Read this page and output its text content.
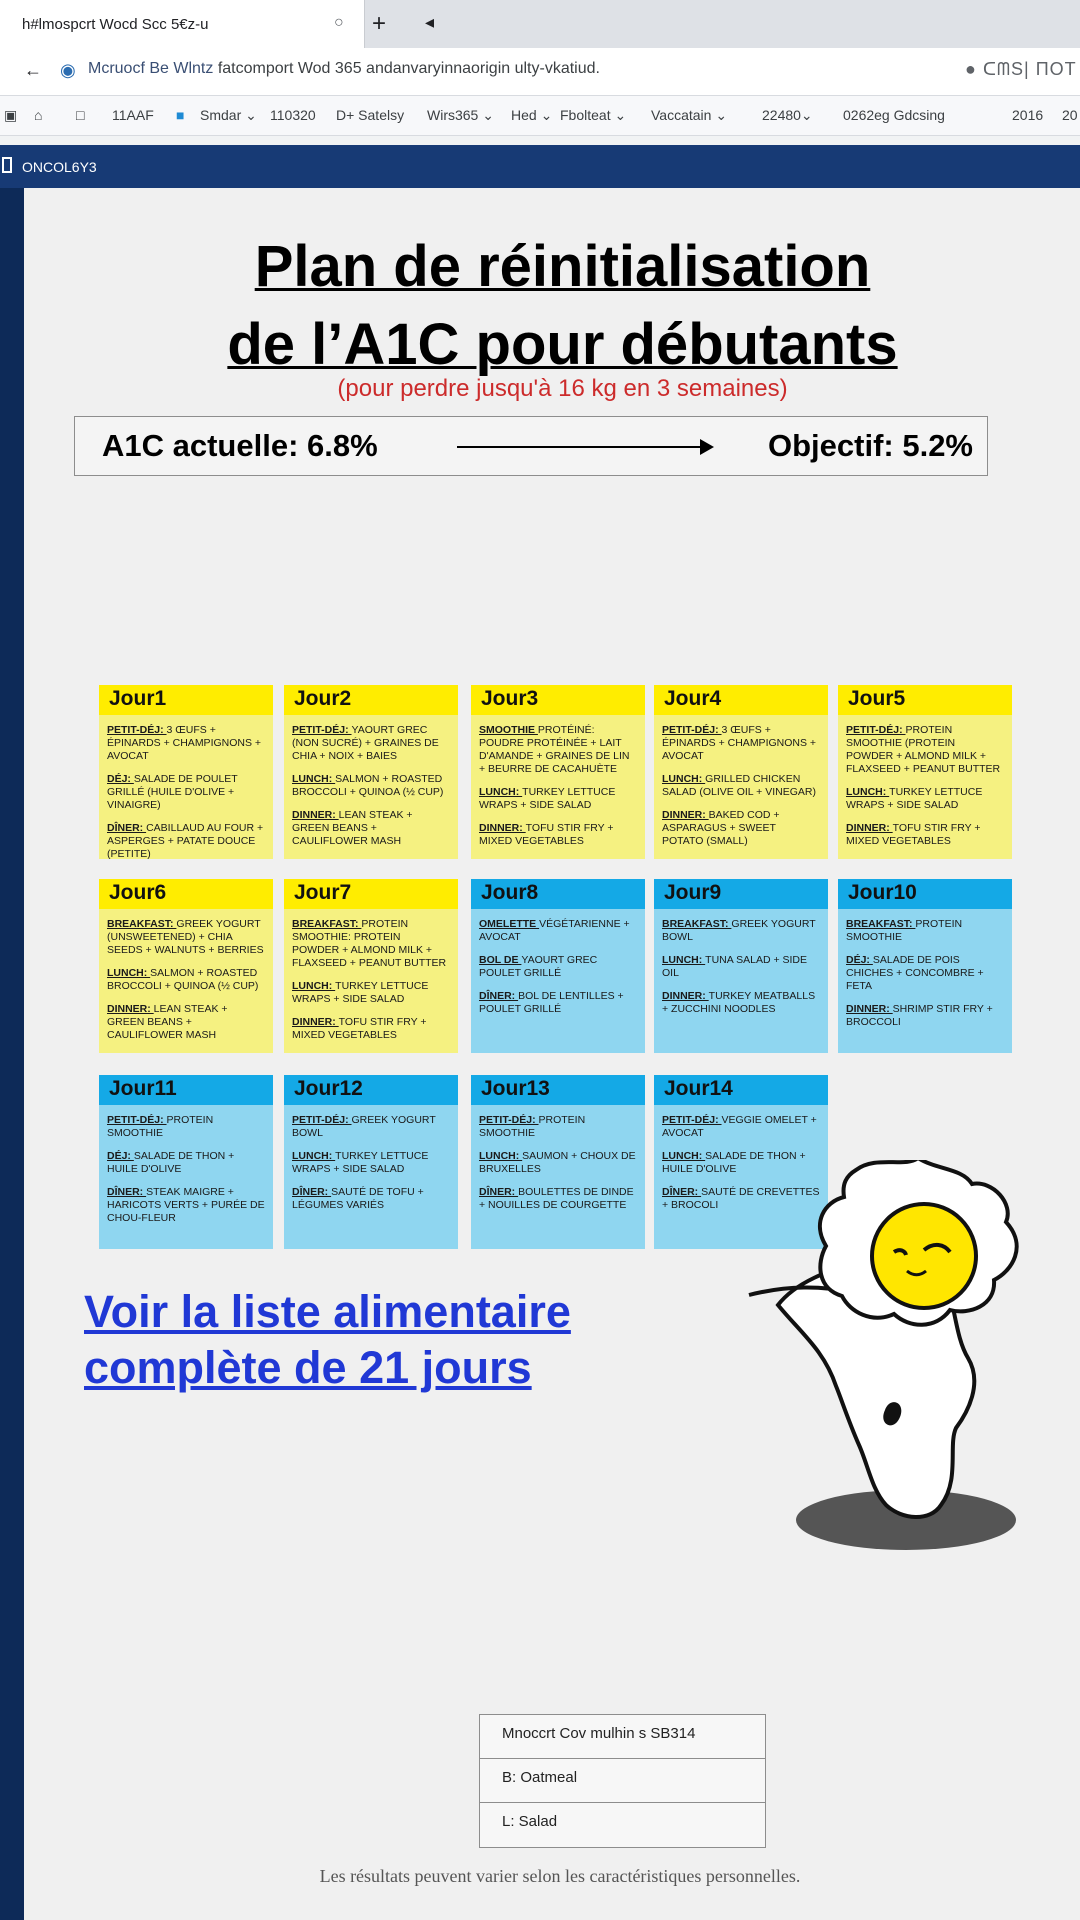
h#lmospcrt Wocd Scc 5€z-u	○ + ◂
← ◉ Mcruocf Be Wlntz fatcomport Wod 365 andanvaryinnaorigin ulty-vkatiud.	● ᑕᗰS| ПOT
▣ ⌂ □ 11AAF ■ Smdar ⌄ 110320 D+ Satelsy Wirs365 ⌄ Hed ⌄ Fbolteat ⌄ Vaccatain ⌄ 22480⌄ 0262eg Gdcsing	2016 20
ONCOL6Y3
Plan de réinitialisation
de l’A1C pour débutants
(pour perdre jusqu'à 16 kg en 3 semaines)
A1C actuelle: 6.8%	Objectif: 5.2%
Jour1
PETIT-DÉJ: 3 ŒUFS + ÉPINARDS + CHAMPIGNONS + AVOCAT
DÉJ: SALADE DE POULET GRILLÉ (HUILE D'OLIVE + VINAIGRE)
DÎNER: CABILLAUD AU FOUR + ASPERGES + PATATE DOUCE (PETITE)
Jour2
PETIT-DÉJ: YAOURT GREC (NON SUCRÉ) + GRAINES DE CHIA + NOIX + BAIES
LUNCH: SALMON + ROASTED BROCCOLI + QUINOA (½ CUP)
DINNER: LEAN STEAK + GREEN BEANS + CAULIFLOWER MASH
Jour3
SMOOTHIE PROTÉINÉ: POUDRE PROTÉINÉE + LAIT D'AMANDE + GRAINES DE LIN + BEURRE DE CACAHUÈTE
LUNCH: TURKEY LETTUCE WRAPS + SIDE SALAD
DINNER: TOFU STIR FRY + MIXED VEGETABLES
Jour4
PETIT-DÉJ: 3 ŒUFS + ÉPINARDS + CHAMPIGNONS + AVOCAT
LUNCH: GRILLED CHICKEN SALAD (OLIVE OIL + VINEGAR)
DINNER: BAKED COD + ASPARAGUS + SWEET POTATO (SMALL)
Jour5
PETIT-DÉJ: PROTEIN SMOOTHIE (PROTEIN POWDER + ALMOND MILK + FLAXSEED + PEANUT BUTTER
LUNCH: TURKEY LETTUCE WRAPS + SIDE SALAD
DINNER: TOFU STIR FRY + MIXED VEGETABLES
Jour6
BREAKFAST: GREEK YOGURT (UNSWEETENED) + CHIA SEEDS + WALNUTS + BERRIES
LUNCH: SALMON + ROASTED BROCCOLI + QUINOA (½ CUP)
DINNER: LEAN STEAK + GREEN BEANS + CAULIFLOWER MASH
Jour7
BREAKFAST: PROTEIN SMOOTHIE: PROTEIN POWDER + ALMOND MILK + FLAXSEED + PEANUT BUTTER
LUNCH: TURKEY LETTUCE WRAPS + SIDE SALAD
DINNER: TOFU STIR FRY + MIXED VEGETABLES
Jour8
OMELETTE VÉGÉTARIENNE + AVOCAT
BOL DE YAOURT GREC POULET GRILLÉ
DÎNER: BOL DE LENTILLES + POULET GRILLÉ
Jour9
BREAKFAST: GREEK YOGURT BOWL
LUNCH: TUNA SALAD + SIDE OIL
DINNER: TURKEY MEATBALLS + ZUCCHINI NOODLES
Jour10
BREAKFAST: PROTEIN SMOOTHIE
DÉJ: SALADE DE POIS CHICHES + CONCOMBRE + FETA
DINNER: SHRIMP STIR FRY + BROCCOLI
Jour11
PETIT-DÉJ: PROTEIN SMOOTHIE
DÉJ: SALADE DE THON + HUILE D'OLIVE
DÎNER: STEAK MAIGRE + HARICOTS VERTS + PURÉE DE CHOU-FLEUR
Jour12
PETIT-DÉJ: GREEK YOGURT BOWL
LUNCH: TURKEY LETTUCE WRAPS + SIDE SALAD
DÎNER: SAUTÉ DE TOFU + LÉGUMES VARIÉS
Jour13
PETIT-DÉJ: PROTEIN SMOOTHIE
LUNCH: SAUMON + CHOUX DE BRUXELLES
DÎNER: BOULETTES DE DINDE + NOUILLES DE COURGETTE
Jour14
PETIT-DÉJ: VEGGIE OMELET + AVOCAT
LUNCH: SALADE DE THON + HUILE D'OLIVE
DÎNER: SAUTÉ DE CREVETTES + BROCOLI
Voir la liste alimentaire
complète de 21 jours
Mnoccrt Cov mulhin s SB314
B: Oatmeal
L: Salad
Les résultats peuvent varier selon les caractéristiques personnelles.
